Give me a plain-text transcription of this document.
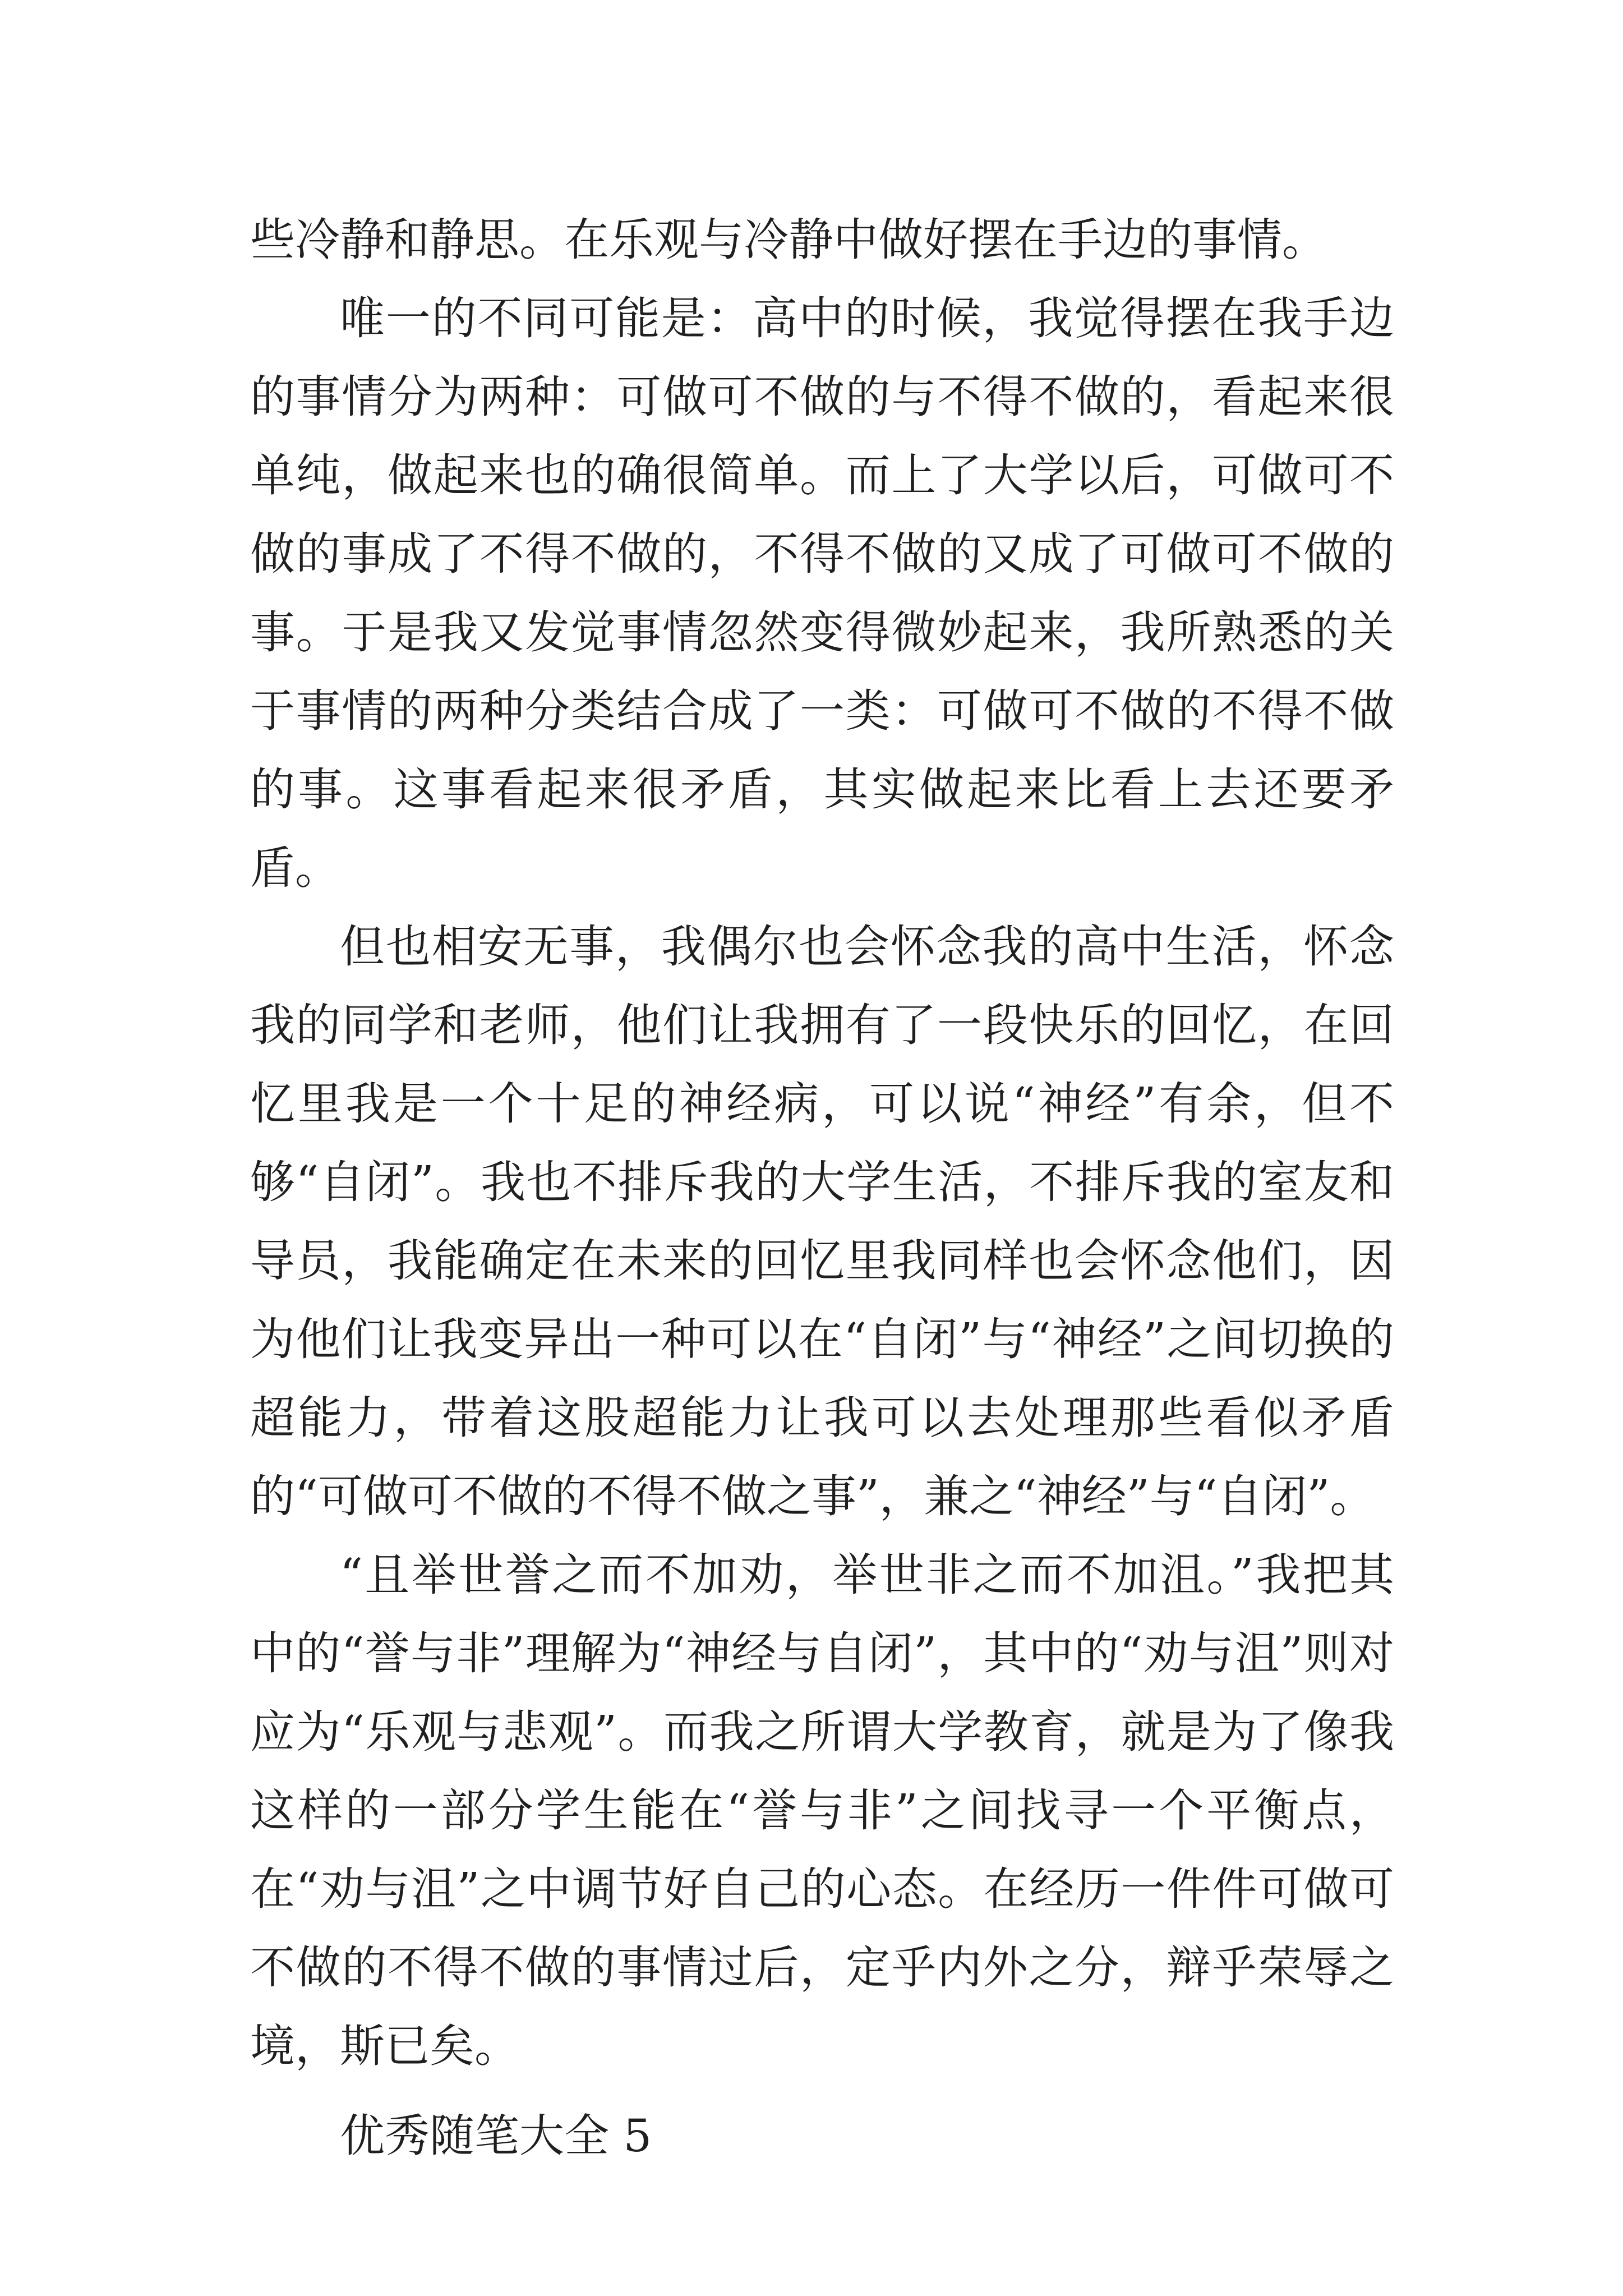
些冷静和静思。在乐观与冷静中做好摆在手边的事情。

唯一的不同可能是：高中的时候，我觉得摆在我手边的事情分为两种：可做可不做的与不得不做的，看起来很单纯，做起来也的确很简单。而上了大学以后，可做可不做的事成了不得不做的，不得不做的又成了可做可不做的事。于是我又发觉事情忽然变得微妙起来，我所熟悉的关于事情的两种分类结合成了一类：可做可不做的不得不做的事。这事看起来很矛盾，其实做起来比看上去还要矛盾。

但也相安无事，我偶尔也会怀念我的高中生活，怀念我的同学和老师，他们让我拥有了一段快乐的回忆，在回忆里我是一个十足的神经病，可以说“神经”有余，但不够“自闭”。我也不排斥我的大学生活，不排斥我的室友和导员，我能确定在未来的回忆里我同样也会怀念他们，因为他们让我变异出一种可以在“自闭”与“神经”之间切换的超能力，带着这股超能力让我可以去处理那些看似矛盾的“可做可不做的不得不做之事”，兼之“神经”与“自闭”。

“且举世誉之而不加劝，举世非之而不加沮。”我把其中的“誉与非”理解为“神经与自闭”，其中的“劝与沮”则对应为“乐观与悲观”。而我之所谓大学教育，就是为了像我这样的一部分学生能在“誉与非”之间找寻一个平衡点，在“劝与沮”之中调节好自己的心态。在经历一件件可做可不做的不得不做的事情过后，定乎内外之分，辩乎荣辱之境，斯已矣。

优秀随笔大全 5
